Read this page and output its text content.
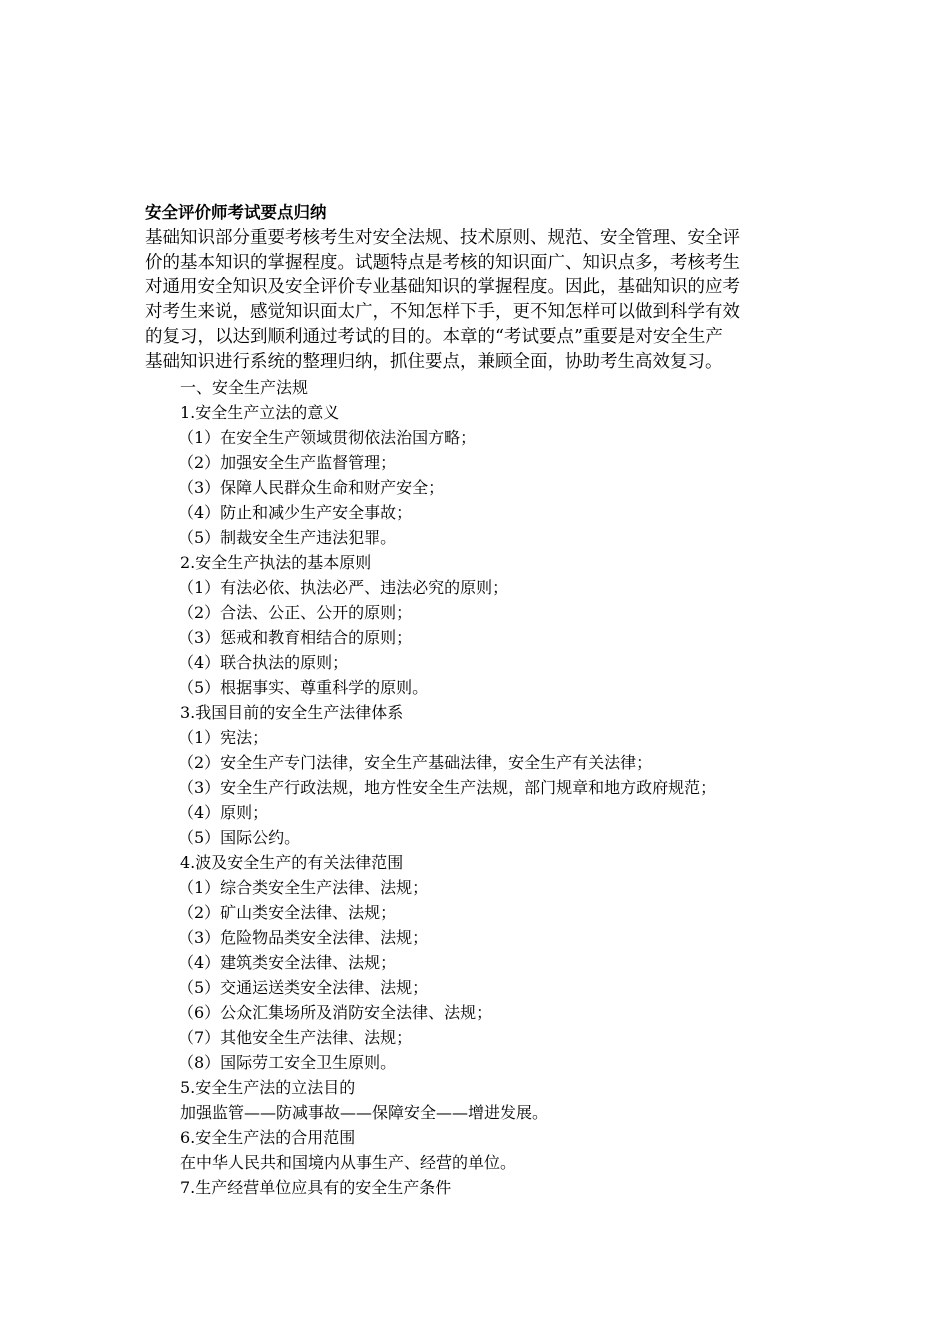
安全评价师考试要点归纳

基础知识部分重要考核考生对安全法规、技术原则、规范、安全管理、安全评

价的基本知识的掌握程度。试题特点是考核的知识面广、知识点多，考核考生

对通用安全知识及安全评价专业基础知识的掌握程度。因此，基础知识的应考

对考生来说，感觉知识面太广，不知怎样下手，更不知怎样可以做到科学有效

的复习，以达到顺利通过考试的目的。本章的“考试要点”重要是对安全生产

基础知识进行系统的整理归纳，抓住要点，兼顾全面，协助考生高效复习。

一、安全生产法规
1.安全生产立法的意义
（1）在安全生产领域贯彻依法治国方略；
（2）加强安全生产监督管理；
（3）保障人民群众生命和财产安全；
（4）防止和减少生产安全事故；
（5）制裁安全生产违法犯罪。
2.安全生产执法的基本原则
（1）有法必依、执法必严、违法必究的原则；
（2）合法、公正、公开的原则；
（3）惩戒和教育相结合的原则；
（4）联合执法的原则；
（5）根据事实、尊重科学的原则。
3.我国目前的安全生产法律体系
（1）宪法；
（2）安全生产专门法律，安全生产基础法律，安全生产有关法律；
（3）安全生产行政法规，地方性安全生产法规，部门规章和地方政府规范；
（4）原则；
（5）国际公约。
4.波及安全生产的有关法律范围
（1）综合类安全生产法律、法规；
（2）矿山类安全法律、法规；
（3）危险物品类安全法律、法规；
（4）建筑类安全法律、法规；
（5）交通运送类安全法律、法规；
（6）公众汇集场所及消防安全法律、法规；
（7）其他安全生产法律、法规；
（8）国际劳工安全卫生原则。
5.安全生产法的立法目的
加强监管——防减事故——保障安全——增进发展。
6.安全生产法的合用范围
在中华人民共和国境内从事生产、经营的单位。
7.生产经营单位应具有的安全生产条件
